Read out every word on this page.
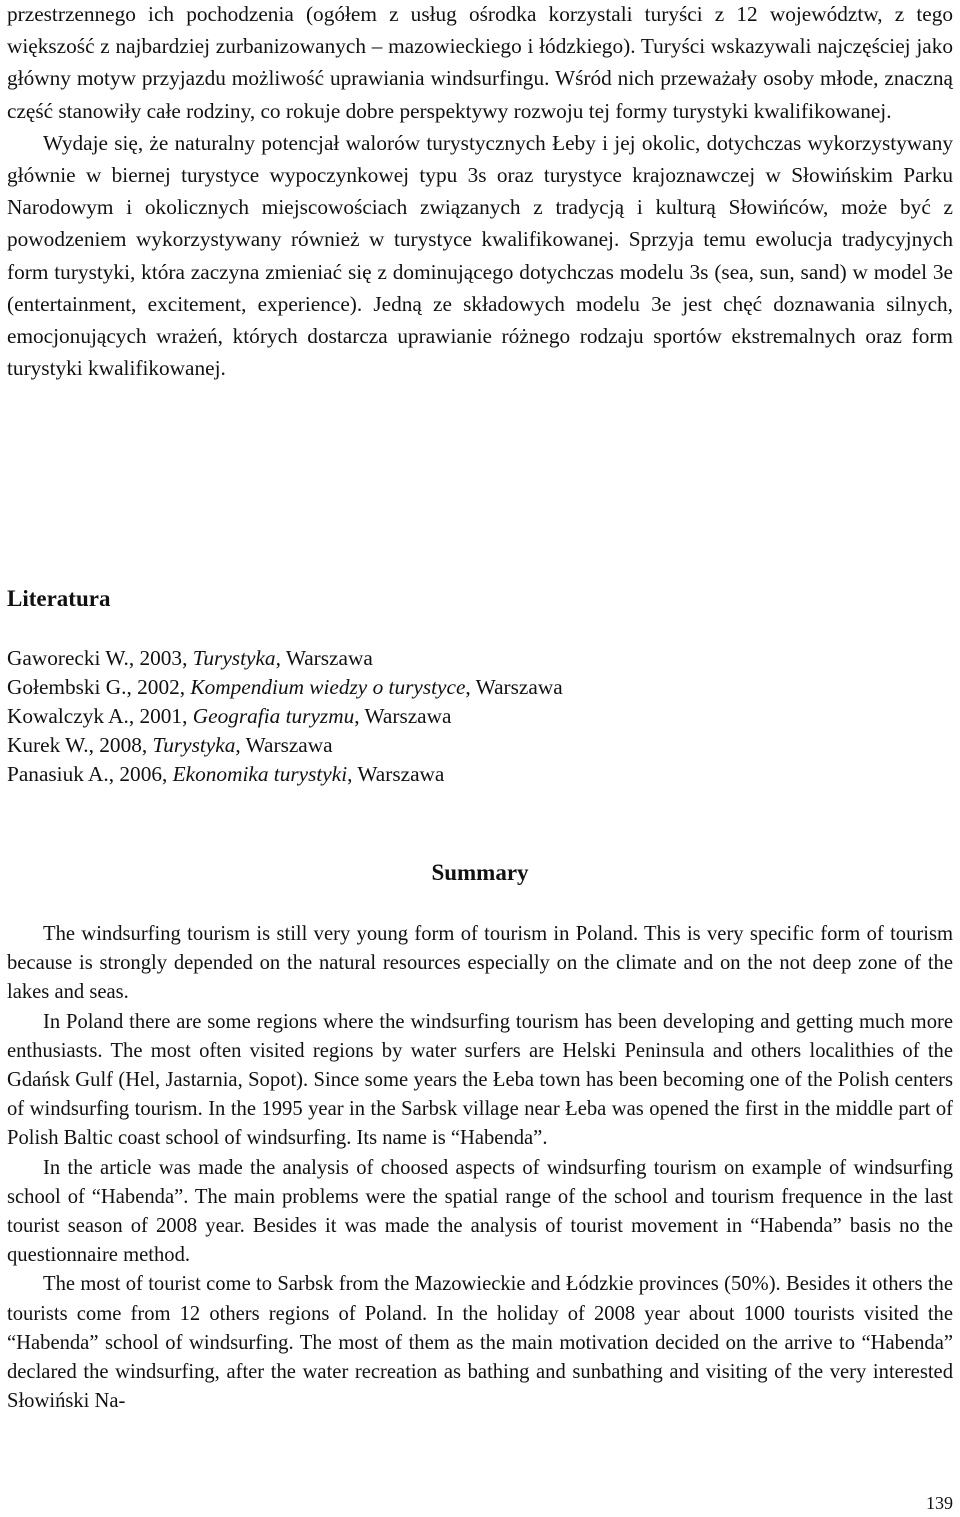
przestrzennego ich pochodzenia (ogółem z usług ośrodka korzystali turyści z 12 województw, z tego większość z najbardziej zurbanizowanych – mazowieckiego i łódzkiego). Turyści wskazywali najczęściej jako główny motyw przyjazdu możliwość uprawiania windsurfingu. Wśród nich przeważały osoby młode, znaczną część stanowiły całe rodziny, co rokuje dobre perspektywy rozwoju tej formy turystyki kwalifikowanej.

Wydaje się, że naturalny potencjał walorów turystycznych Łeby i jej okolic, dotychczas wykorzystywany głównie w biernej turystyce wypoczynkowej typu 3s oraz turystyce krajoznawczej w Słowińskim Parku Narodowym i okolicznych miejscowościach związanych z tradycją i kulturą Słowińców, może być z powodzeniem wykorzystywany również w turystyce kwalifikowanej. Sprzyja temu ewolucja tradycyjnych form turystyki, która zaczyna zmieniać się z dominującego dotychczas modelu 3s (sea, sun, sand) w model 3e (entertainment, excitement, experience). Jedną ze składowych modelu 3e jest chęć doznawania silnych, emocjonujących wrażeń, których dostarcza uprawianie różnego rodzaju sportów ekstremalnych oraz form turystyki kwalifikowanej.

Literatura
Gaworecki W., 2003, Turystyka, Warszawa
Gołembski G., 2002, Kompendium wiedzy o turystyce, Warszawa
Kowalczyk A., 2001, Geografia turyzmu, Warszawa
Kurek W., 2008, Turystyka, Warszawa
Panasiuk A., 2006, Ekonomika turystyki, Warszawa
Summary

The windsurfing tourism is still very young form of tourism in Poland. This is very specific form of tourism because is strongly depended on the natural resources especially on the climate and on the not deep zone of the lakes and seas.

In Poland there are some regions where the windsurfing tourism has been developing and getting much more enthusiasts. The most often visited regions by water surfers are Helski Peninsula and others localithies of the Gdańsk Gulf (Hel, Jastarnia, Sopot). Since some years the Łeba town has been becoming one of the Polish centers of windsurfing tourism. In the 1995 year in the Sarbsk village near Łeba was opened the first in the middle part of Polish Baltic coast school of windsurfing. Its name is “Habenda”.

In the article was made the analysis of choosed aspects of windsurfing tourism on example of windsurfing school of “Habenda”. The main problems were the spatial range of the school and tourism frequence in the last tourist season of 2008 year. Besides it was made the analysis of tourist movement in “Habenda” basis no the questionnaire method.

The most of tourist come to Sarbsk from the Mazowieckie and Łódzkie provinces (50%). Besides it others the tourists come from 12 others regions of Poland. In the holiday of 2008 year about 1000 tourists visited the “Habenda” school of windsurfing. The most of them as the main motivation decided on the arrive to “Habenda” declared the windsurfing, after the water recreation as bathing and sunbathing and visiting of the very interested Słowiński Na-

139
